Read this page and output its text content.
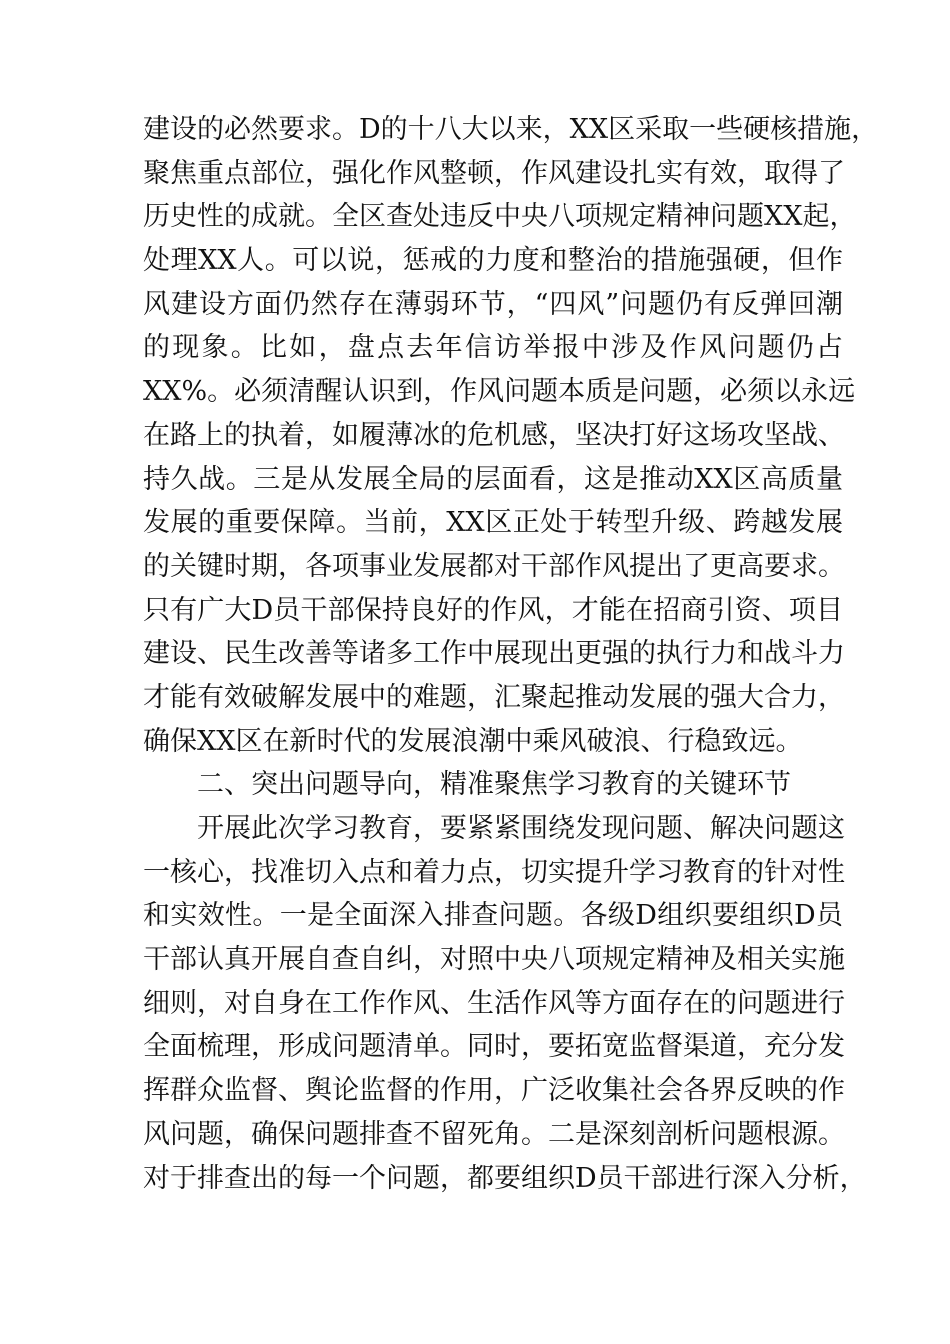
建设的必然要求。D的十八大以来，XX区采取一些硬核措施，
聚焦重点部位，强化作风整顿，作风建设扎实有效，取得了
历史性的成就。全区查处违反中央八项规定精神问题XX起，
处理XX人。可以说，惩戒的力度和整治的措施强硬，但作
风建设方面仍然存在薄弱环节，“四风”问题仍有反弹回潮
的现象。比如，盘点去年信访举报中涉及作风问题仍占
XX%。必须清醒认识到，作风问题本质是问题，必须以永远
在路上的执着，如履薄冰的危机感，坚决打好这场攻坚战、
持久战。三是从发展全局的层面看，这是推动XX区高质量
发展的重要保障。当前，XX区正处于转型升级、跨越发展
的关键时期，各项事业发展都对干部作风提出了更高要求。
只有广大D员干部保持良好的作风，才能在招商引资、项目
建设、民生改善等诸多工作中展现出更强的执行力和战斗力
才能有效破解发展中的难题，汇聚起推动发展的强大合力，
确保XX区在新时代的发展浪潮中乘风破浪、行稳致远。
二、突出问题导向，精准聚焦学习教育的关键环节
开展此次学习教育，要紧紧围绕发现问题、解决问题这
一核心，找准切入点和着力点，切实提升学习教育的针对性
和实效性。一是全面深入排查问题。各级D组织要组织D员
干部认真开展自查自纠，对照中央八项规定精神及相关实施
细则，对自身在工作作风、生活作风等方面存在的问题进行
全面梳理，形成问题清单。同时，要拓宽监督渠道，充分发
挥群众监督、舆论监督的作用，广泛收集社会各界反映的作
风问题，确保问题排查不留死角。二是深刻剖析问题根源。
对于排查出的每一个问题，都要组织D员干部进行深入分析，
